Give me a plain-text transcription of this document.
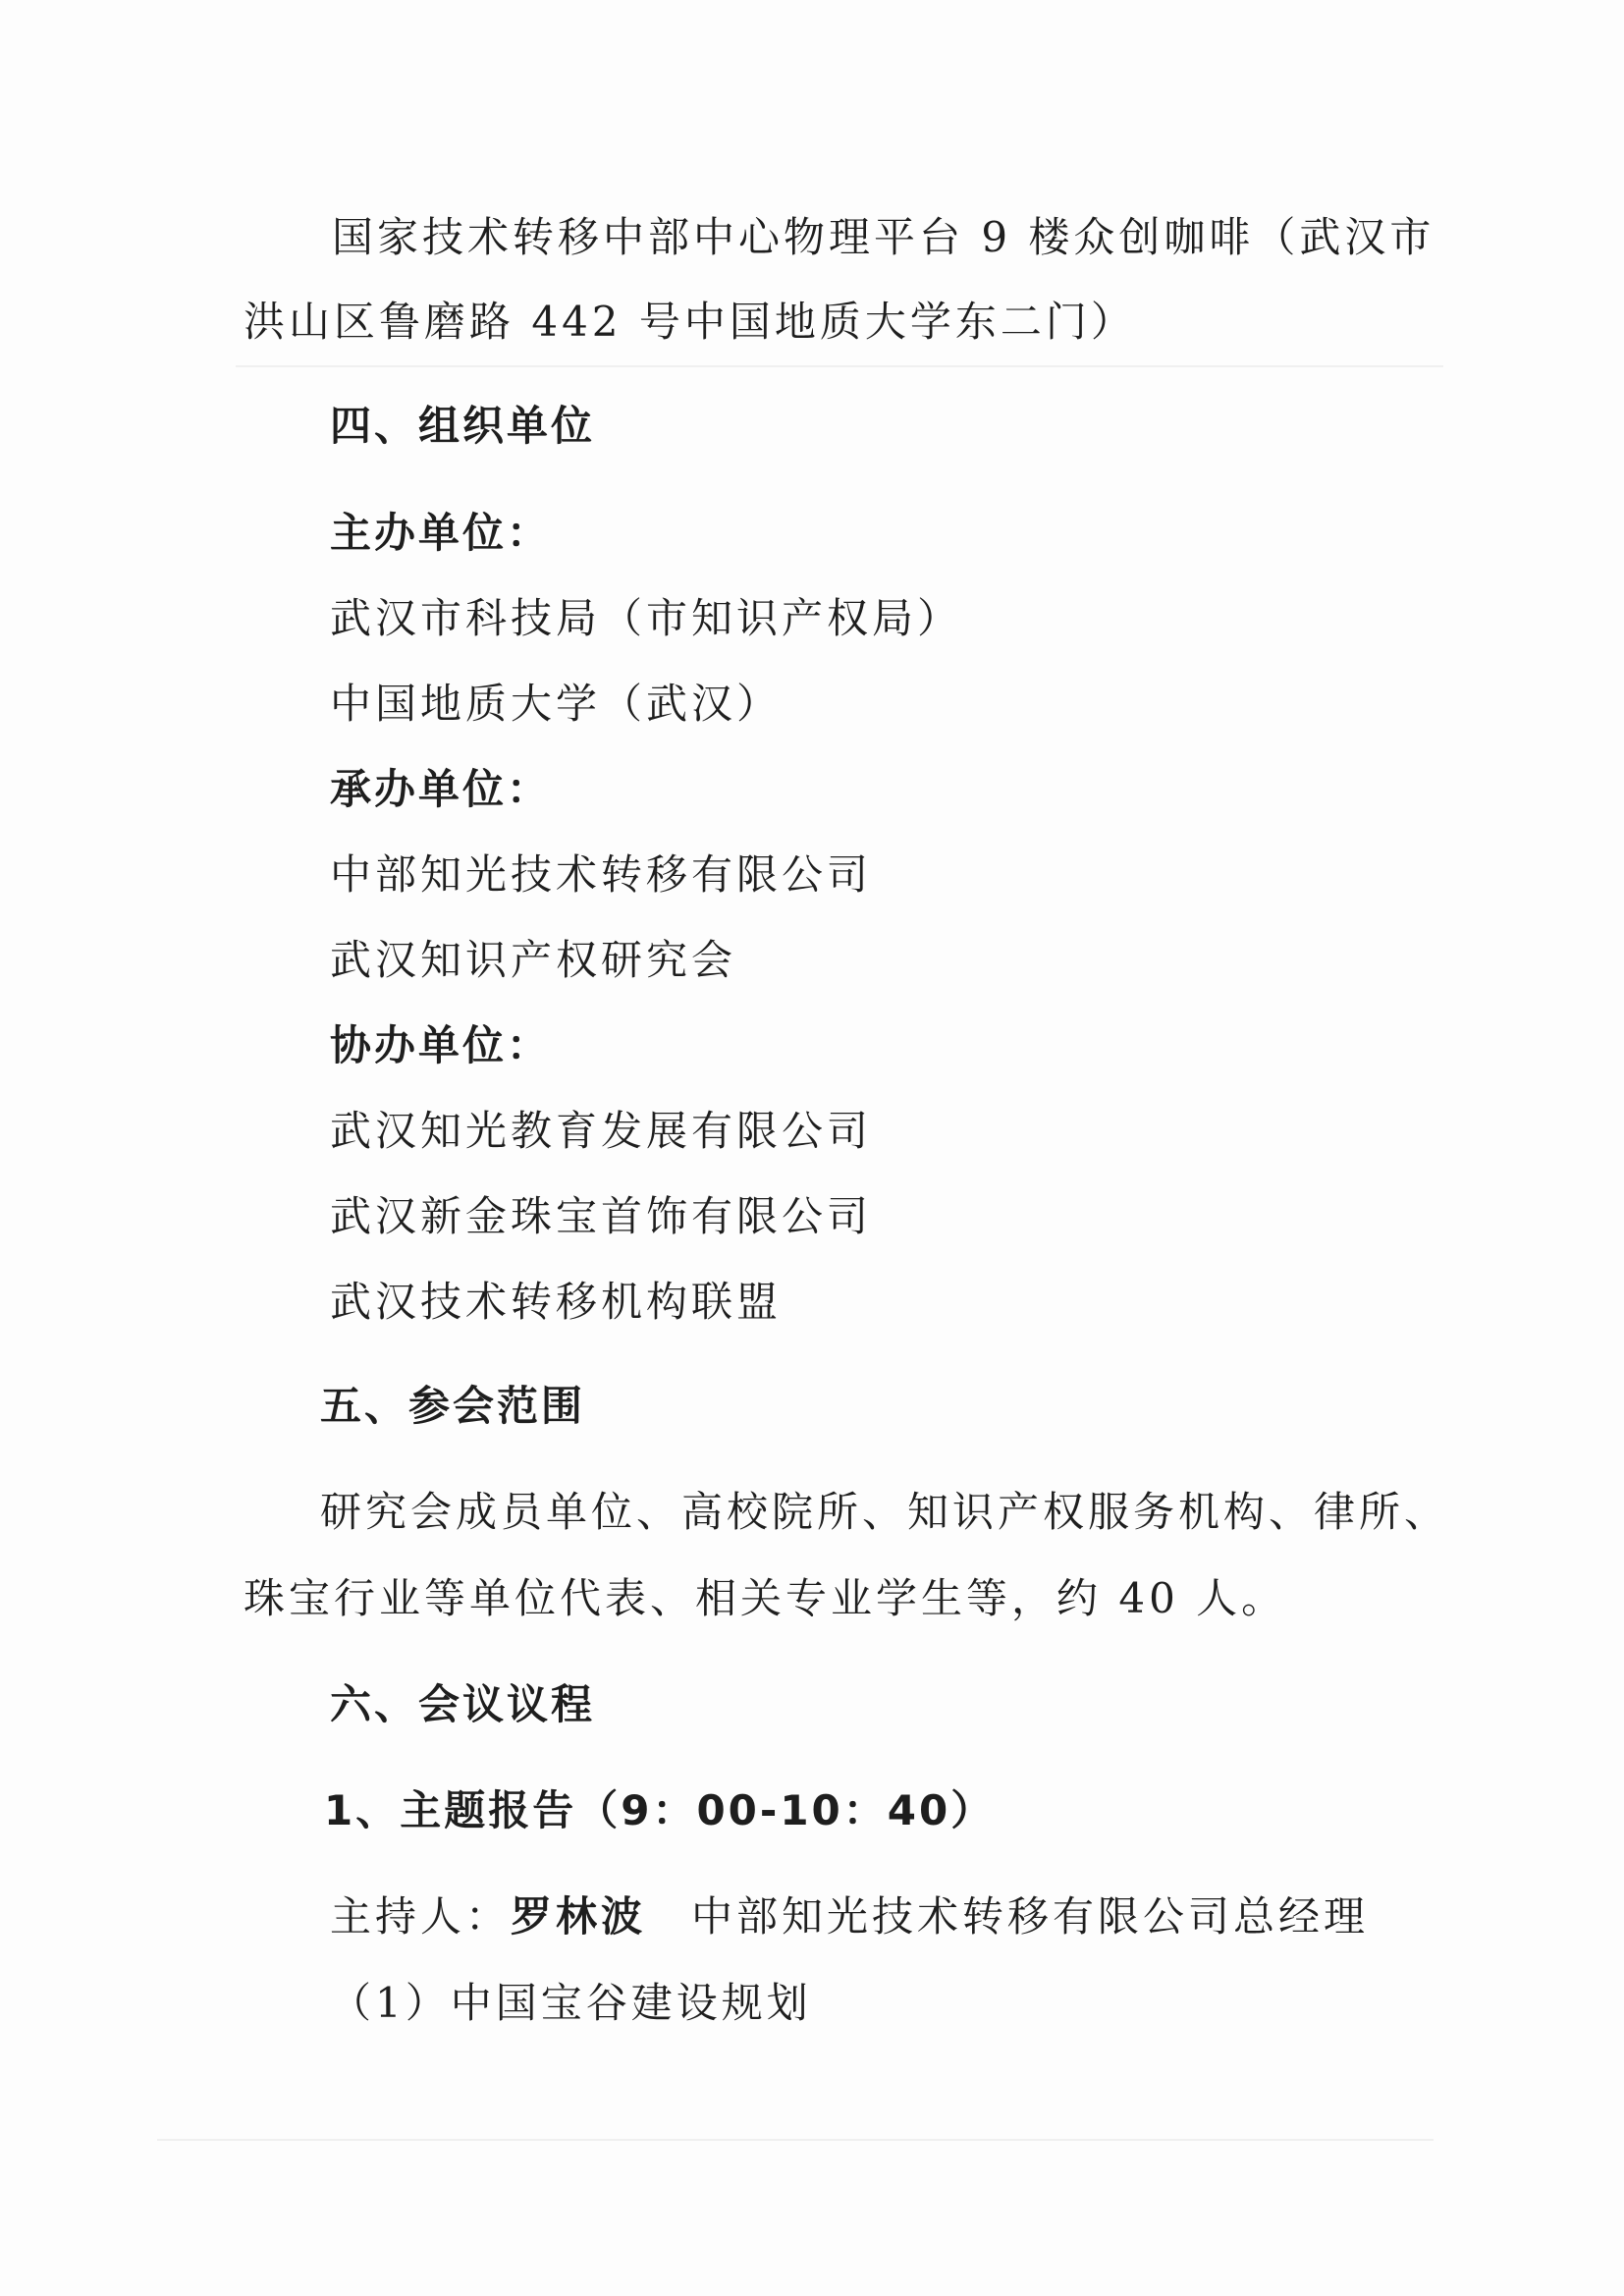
国家技术转移中部中心物理平台 9 楼众创咖啡（武汉市
洪山区鲁磨路 442 号中国地质大学东二门）
四、组织单位
主办单位：
武汉市科技局（市知识产权局）
中国地质大学（武汉）
承办单位：
中部知光技术转移有限公司
武汉知识产权研究会
协办单位：
武汉知光教育发展有限公司
武汉新金珠宝首饰有限公司
武汉技术转移机构联盟
五、参会范围
研究会成员单位、高校院所、知识产权服务机构、律所、
珠宝行业等单位代表、相关专业学生等，约 40 人。
六、会议议程
1、主题报告（9：00-10：40）
主持人：罗林波 中部知光技术转移有限公司总经理
（1）中国宝谷建设规划
